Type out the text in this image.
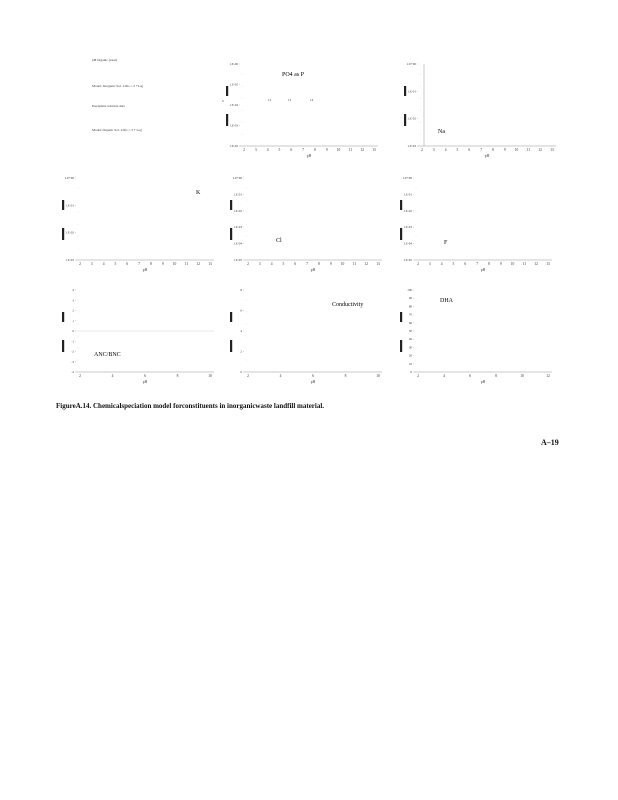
pH Organic (total)
Model: Inorganic Sol. LOG = 2 +Log
Precipitate solution data
Model: Organic Sol. LOG = 3 + Log
1.E-06
1.E-05
1.E-04
1.E-03
1.E-02
2	3	4	5	6	7	8	9	10 11 12 13
pH
PO4 as P
0	12	13	14
1.E+00
1.E-01
1.E-02
1.E-03
2	3	4	5	6	7	8	9	10 11 12 13
pH
Na
1.E+00
1.E-01
1.E-02
1.E-03
2	3	4	5	6	7	8	9	10 11 12 13
pH
K
1.E+00
1.E-01
1.E-02
1.E-03
1.E-04
1.E-05
2	3	4	5	6	7	8	9	10 11 12 13
pH
Cl
1.E+00
1.E-01
1.E-02
1.E-03
1.E-04
1.E-05
2	3	4	5	6	7	8	9	10 11 12 13
pH
F
4
3
2
1
0
-1
-2
-3
-4
2	4	6	8	10
pH
ANC/BNC
8
6
4
2
0
2	4	6	8	10
pH
Conductivity
100
90
80
70
60
50
40
30
20
10
0
2	4	6	8	10	12
pH
DHA
FigureA.14. Chemicalspeciation model forconstituents in inorganicwaste landfill material.
A–19
